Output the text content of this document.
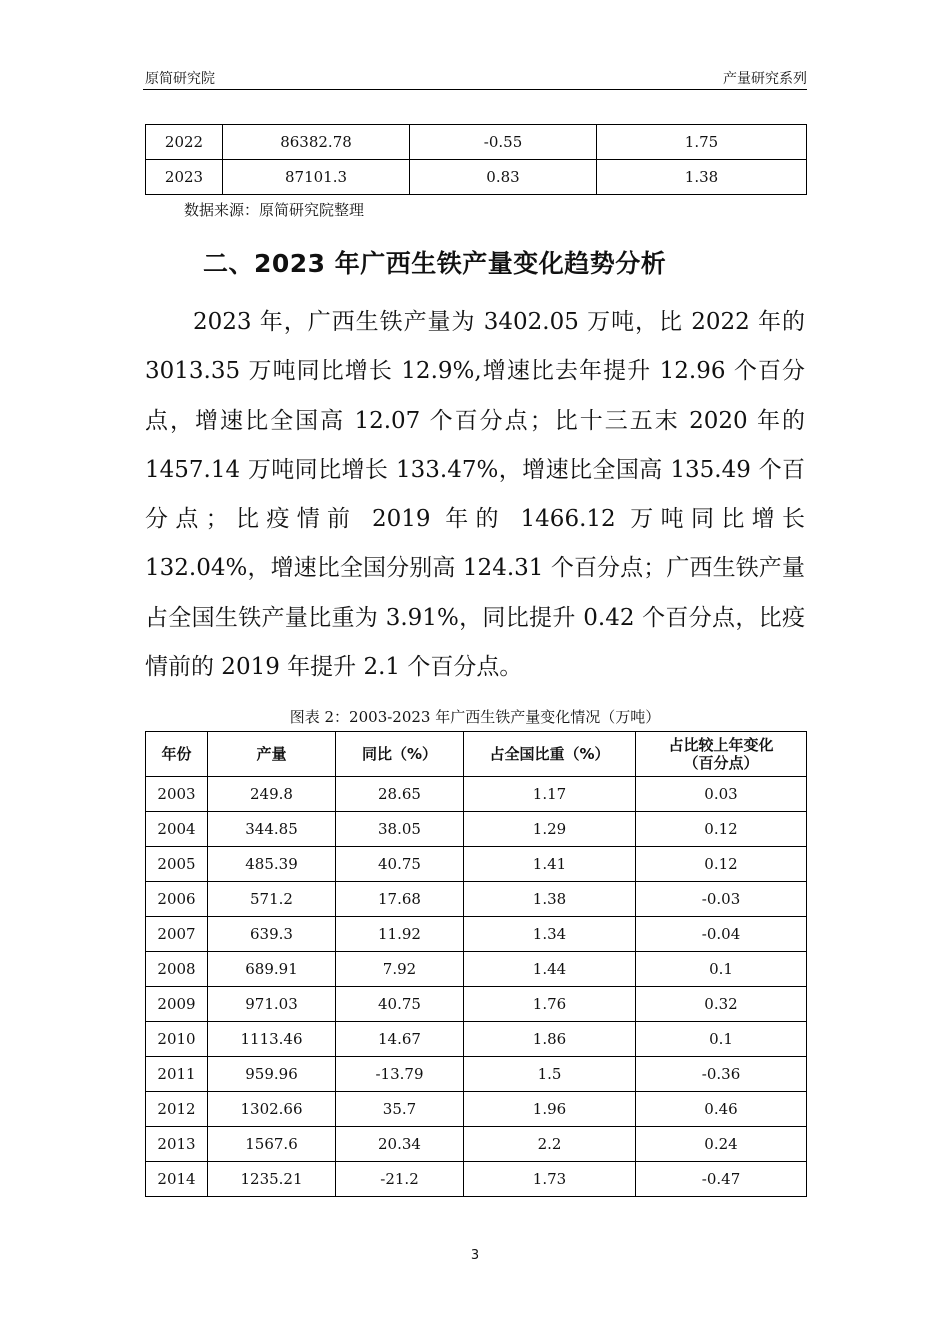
原简研究院	产量研究系列
2022	86382.78	-0.55	1.75
2023	87101.3	0.83	1.38
数据来源：原简研究院整理
二、2023 年广西生铁产量变化趋势分析

2023 年，广西生铁产量为 3402.05 万吨，比 2022 年的 3013.35 万吨同比增长 12.9%,增速比去年提升 12.96 个百分点，增速比全国高 12.07 个百分点；比十三五末 2020 年的 1457.14 万吨同比增长 133.47%，增速比全国高 135.49 个百分点；比疫情前 2019 年的 1466.12 万吨同比增长 132.04%，增速比全国分别高 124.31 个百分点；广西生铁产量占全国生铁产量比重为 3.91%，同比提升 0.42 个百分点，比疫情前的 2019 年提升 2.1 个百分点。

图表 2：2003-2023 年广西生铁产量变化情况（万吨）
年份	产量	同比（%）	占全国比重（%）	占比较上年变化
（百分点）

2003	249.8	28.65	1.17	0.03
2004	344.85	38.05	1.29	0.12
2005	485.39	40.75	1.41	0.12
2006	571.2	17.68	1.38	-0.03
2007	639.3	11.92	1.34	-0.04
2008	689.91	7.92	1.44	0.1
2009	971.03	40.75	1.76	0.32
2010	1113.46	14.67	1.86	0.1
2011	959.96	-13.79	1.5	-0.36
2012	1302.66	35.7	1.96	0.46
2013	1567.6	20.34	2.2	0.24
2014	1235.21	-21.2	1.73	-0.47
3
